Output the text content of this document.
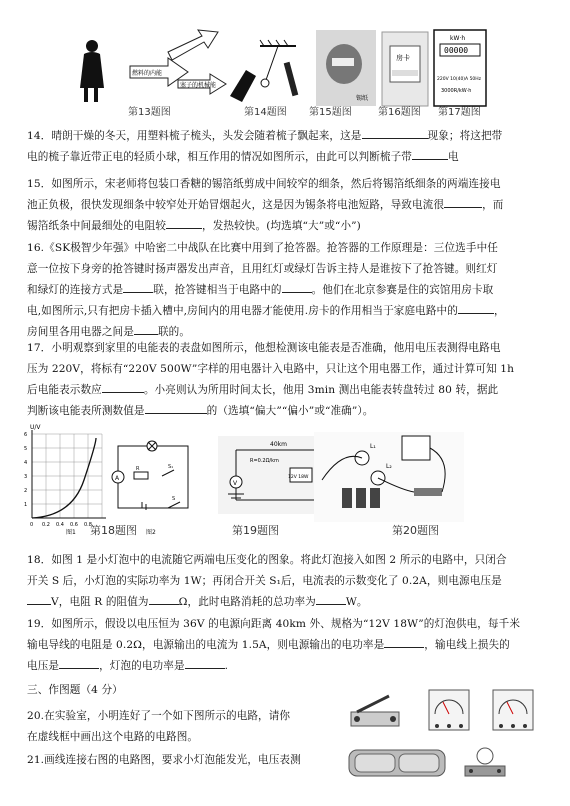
燃料的内能
塞子的机械能
锡纸
房卡
kW·h
00000
220V 10(40)A 50Hz
3000R/kW·h
第13题图	第14题图 第15题图	第16题图 第17题图
14．晴朗干燥的冬天，用塑料梳子梳头，头发会随着梳子飘起来，这是	现象；将这把带
电的梳子靠近带正电的轻质小球，相互作用的情况如图所示，由此可以判断梳子带	电
15．如图所示，宋老师将包装口香糖的锡箔纸剪成中间较窄的细条，然后将锡箔纸细条的两端连接电
池正负极，很快发现细条中较窄处开始冒烟起火，这是因为锡条将电池短路，导致电流很	，而
锡箔纸条中间最细处的电阻较	，发热较快。(均选填“大”或“小”)
16.《SK极智少年强》中哈密二中战队在比赛中用到了抢答器。抢答器的工作原理是：三位选手中任
意一位按下身旁的抢答键时扬声器发出声音，且用红灯或绿灯告诉主持人是谁按下了抢答键。则红灯
和绿灯的连接方式是	联，抢答键相当于电路中的	。他们在北京参赛是住的宾馆用房卡取
电,如图所示,只有把房卡插入槽中,房间内的用电器才能使用.房卡的作用相当于家庭电路中的	，
房间里各用电器之间是 联的。
17．小明观察到家里的电能表的表盘如图所示，他想检测该电能表是否准确，他用电压表测得电路电
压为 220V，将标有“220V 500W”字样的用电器计入电路中，只让这个用电器工作，通过计算可知 1h
后电能表示数应	。小亮则认为所用时间太长，他用 3min 测出电能表转盘转过 80 转，据此
判断该电能表所测数值是	的（选填“偏大”“偏小”或“准确”）。
U/V
6
5
4
3
2
1
0 0.2 0.4 0.6 0.8
图1
A
R	S₁
S
图2
40km
R=0.2Ω/km
V
12V 18W
L₁
L₂
第18题图	第19题图	第20题图
18．如图 1 是小灯泡中的电流随它两端电压变化的图象。将此灯泡接入如图 2 所示的电路中，只闭合
开关 S 后，小灯泡的实际功率为 1W；再闭合开关 S₁后，电流表的示数变化了 0.2A，则电源电压是
V，电阻 R 的阻值为	Ω，此时电路消耗的总功率为	W。
19．如图所示，假设以电压恒为 36V 的电源向距离 40km 外、规格为“12V 18W”的灯泡供电，每千米
输电导线的电阻是 0.2Ω，电源输出的电流为 1.5A，则电源输出的电功率是	，输电线上损失的
电压是	，灯泡的电功率是	.
三、作图题（4 分）
20.在实验室，小明连好了一个如下图所示的电路，请你
在虚线框中画出这个电路的电路图。
21.画线连接右图的电路图，要求小灯泡能发光，电压表测
